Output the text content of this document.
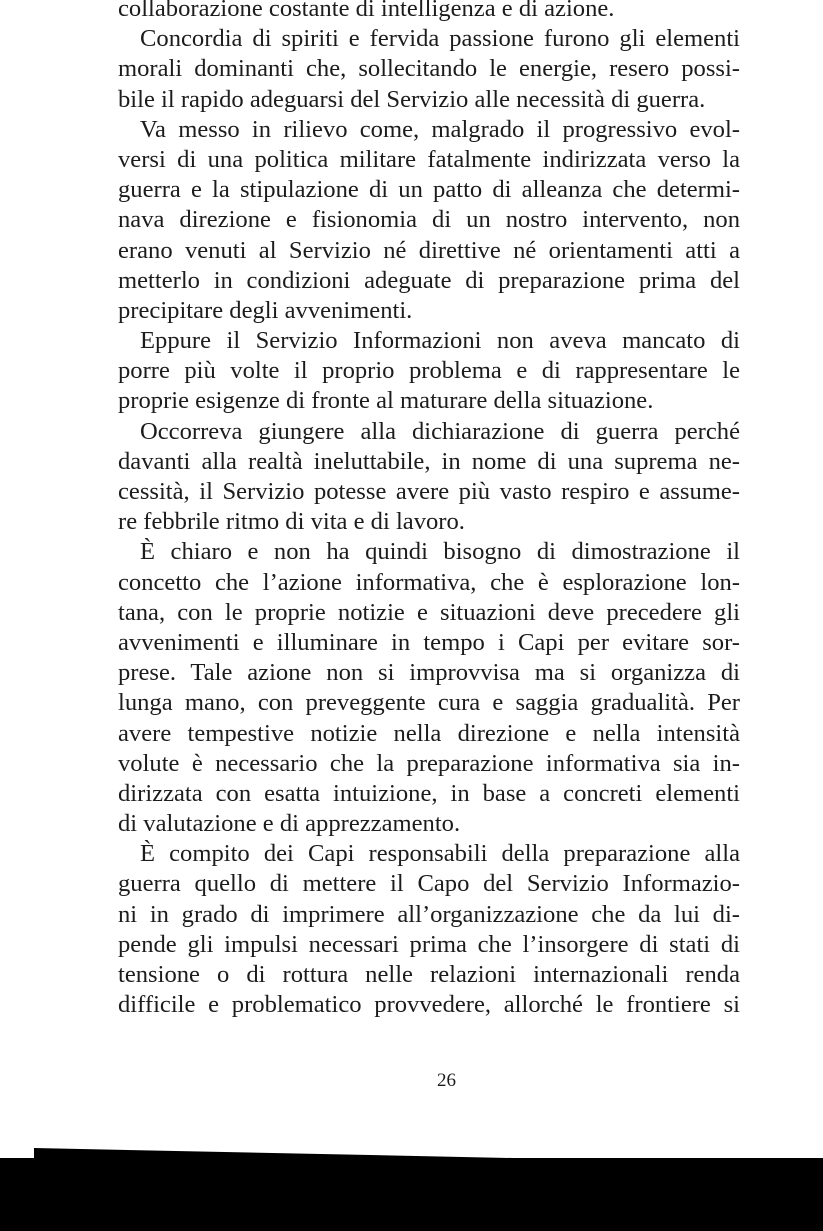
collaborazione costante di intelligenza e di azione.
Concordia di spiriti e fervida passione furono gli elementi
morali dominanti che, sollecitando le energie, resero possi-
bile il rapido adeguarsi del Servizio alle necessità di guerra.
Va messo in rilievo come, malgrado il progressivo evol-
versi di una politica militare fatalmente indirizzata verso la
guerra e la stipulazione di un patto di alleanza che determi-
nava direzione e fisionomia di un nostro intervento, non
erano venuti al Servizio né direttive né orientamenti atti a
metterlo in condizioni adeguate di preparazione prima del
precipitare degli avvenimenti.
Eppure il Servizio Informazioni non aveva mancato di
porre più volte il proprio problema e di rappresentare le
proprie esigenze di fronte al maturare della situazione.
Occorreva giungere alla dichiarazione di guerra perché
davanti alla realtà ineluttabile, in nome di una suprema ne-
cessità, il Servizio potesse avere più vasto respiro e assume-
re febbrile ritmo di vita e di lavoro.
È chiaro e non ha quindi bisogno di dimostrazione il
concetto che l’azione informativa, che è esplorazione lon-
tana, con le proprie notizie e situazioni deve precedere gli
avvenimenti e illuminare in tempo i Capi per evitare sor-
prese. Tale azione non si improvvisa ma si organizza di
lunga mano, con preveggente cura e saggia gradualità. Per
avere tempestive notizie nella direzione e nella intensità
volute è necessario che la preparazione informativa sia in-
dirizzata con esatta intuizione, in base a concreti elementi
di valutazione e di apprezzamento.
È compito dei Capi responsabili della preparazione alla
guerra quello di mettere il Capo del Servizio Informazio-
ni in grado di imprimere all’organizzazione che da lui di-
pende gli impulsi necessari prima che l’insorgere di stati di
tensione o di rottura nelle relazioni internazionali renda
difficile e problematico provvedere, allorché le frontiere si
26
